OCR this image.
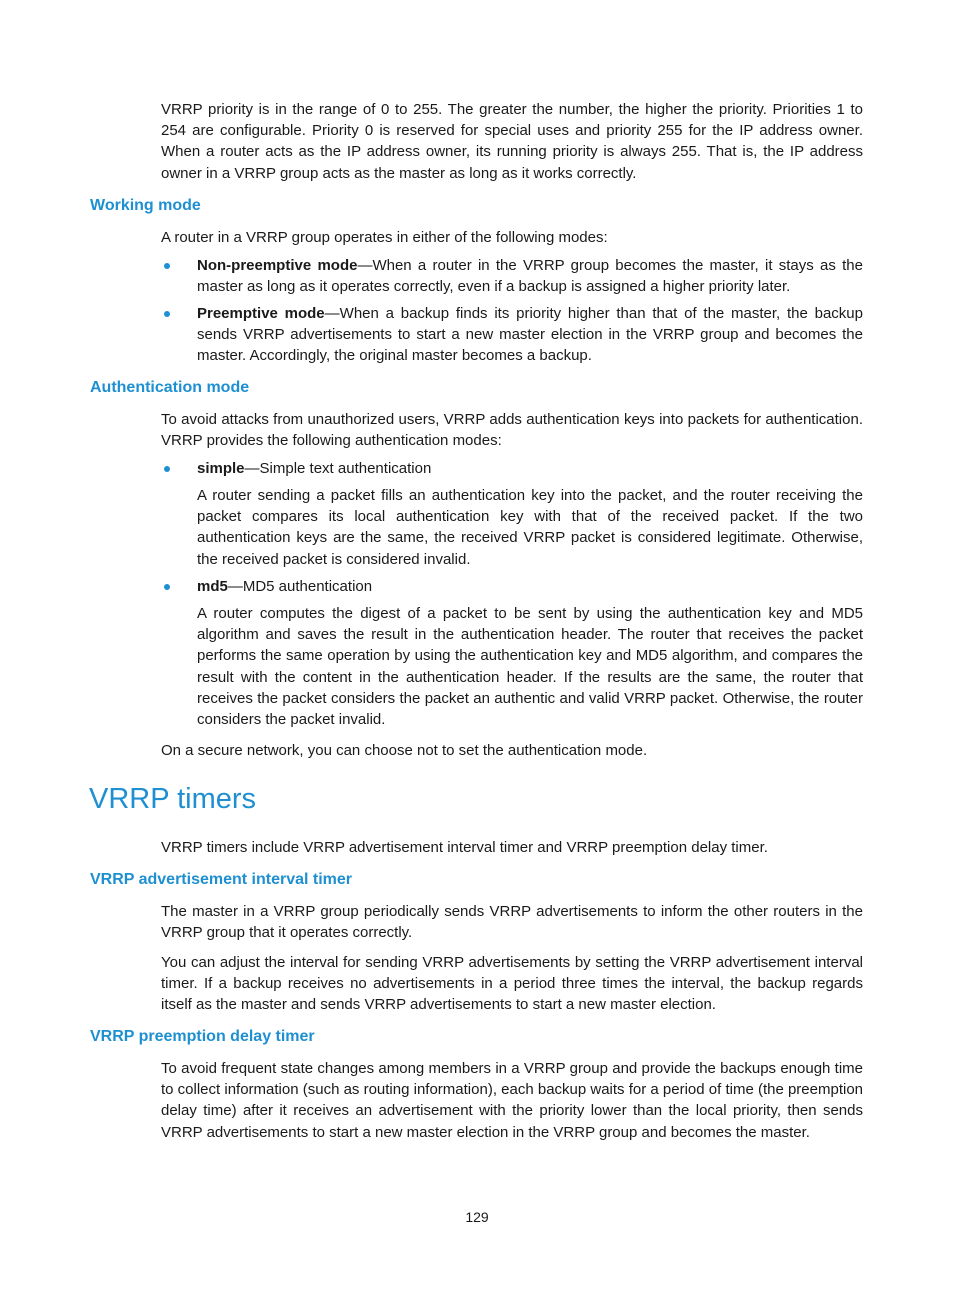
VRRP priority is in the range of 0 to 255. The greater the number, the higher the priority. Priorities 1 to 254 are configurable. Priority 0 is reserved for special uses and priority 255 for the IP address owner. When a router acts as the IP address owner, its running priority is always 255. That is, the IP address owner in a VRRP group acts as the master as long as it works correctly.

Working mode

A router in a VRRP group operates in either of the following modes:

Non-preemptive mode—When a router in the VRRP group becomes the master, it stays as the master as long as it operates correctly, even if a backup is assigned a higher priority later.

Preemptive mode—When a backup finds its priority higher than that of the master, the backup sends VRRP advertisements to start a new master election in the VRRP group and becomes the master. Accordingly, the original master becomes a backup.

Authentication mode

To avoid attacks from unauthorized users, VRRP adds authentication keys into packets for authentication. VRRP provides the following authentication modes:

simple—Simple text authentication

A router sending a packet fills an authentication key into the packet, and the router receiving the packet compares its local authentication key with that of the received packet. If the two authentication keys are the same, the received VRRP packet is considered legitimate. Otherwise, the received packet is considered invalid.

md5—MD5 authentication

A router computes the digest of a packet to be sent by using the authentication key and MD5 algorithm and saves the result in the authentication header. The router that receives the packet performs the same operation by using the authentication key and MD5 algorithm, and compares the result with the content in the authentication header. If the results are the same, the router that receives the packet considers the packet an authentic and valid VRRP packet. Otherwise, the router considers the packet invalid.

On a secure network, you can choose not to set the authentication mode.

VRRP timers

VRRP timers include VRRP advertisement interval timer and VRRP preemption delay timer.

VRRP advertisement interval timer

The master in a VRRP group periodically sends VRRP advertisements to inform the other routers in the VRRP group that it operates correctly.

You can adjust the interval for sending VRRP advertisements by setting the VRRP advertisement interval timer. If a backup receives no advertisements in a period three times the interval, the backup regards itself as the master and sends VRRP advertisements to start a new master election.

VRRP preemption delay timer

To avoid frequent state changes among members in a VRRP group and provide the backups enough time to collect information (such as routing information), each backup waits for a period of time (the preemption delay time) after it receives an advertisement with the priority lower than the local priority, then sends VRRP advertisements to start a new master election in the VRRP group and becomes the master.

129
